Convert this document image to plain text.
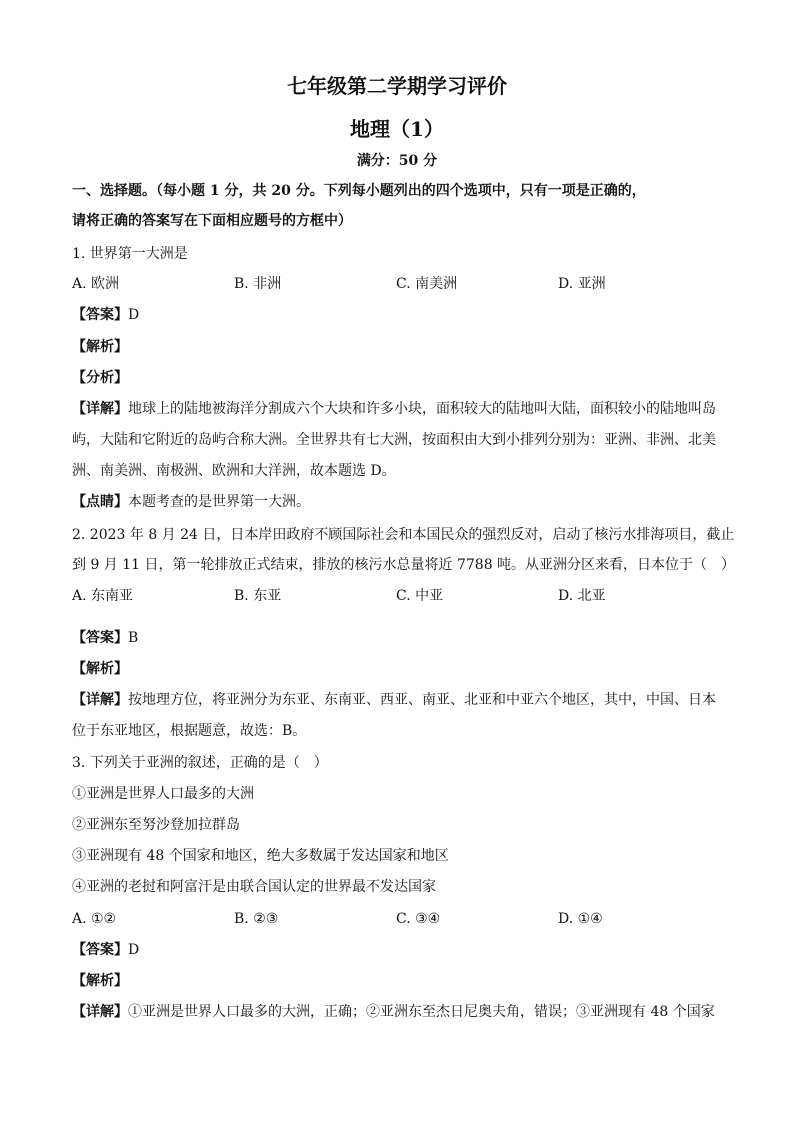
七年级第二学期学习评价
地理（1）
满分：50 分
一、选择题。（每小题 1 分，共 20 分。下列每小题列出的四个选项中，只有一项是正确的，
请将正确的答案写在下面相应题号的方框中）
1. 世界第一大洲是
A. 欧洲	B. 非洲	C. 南美洲	D. 亚洲
【答案】D
【解析】
【分析】
【详解】地球上的陆地被海洋分割成六个大块和许多小块，面积较大的陆地叫大陆，面积较小的陆地叫岛
屿，大陆和它附近的岛屿合称大洲。全世界共有七大洲，按面积由大到小排列分别为：亚洲、非洲、北美
洲、南美洲、南极洲、欧洲和大洋洲，故本题选 D。
【点睛】本题考查的是世界第一大洲。
2. 2023 年 8 月 24 日，日本岸田政府不顾国际社会和本国民众的强烈反对，启动了核污水排海项目，截止
到 9 月 11 日，第一轮排放正式结束，排放的核污水总量将近 7788 吨。从亚洲分区来看，日本位于（　）
A. 东南亚	B. 东亚	C. 中亚	D. 北亚
【答案】B
【解析】
【详解】按地理方位，将亚洲分为东亚、东南亚、西亚、南亚、北亚和中亚六个地区，其中，中国、日本
位于东亚地区，根据题意，故选：B。
3. 下列关于亚洲的叙述，正确的是（　）
①亚洲是世界人口最多的大洲
②亚洲东至努沙登加拉群岛
③亚洲现有 48 个国家和地区，绝大多数属于发达国家和地区
④亚洲的老挝和阿富汗是由联合国认定的世界最不发达国家
A. ①②	B. ②③	C. ③④	D. ①④
【答案】D
【解析】
【详解】①亚洲是世界人口最多的大洲，正确；②亚洲东至杰日尼奥夫角，错误；③亚洲现有 48 个国家
